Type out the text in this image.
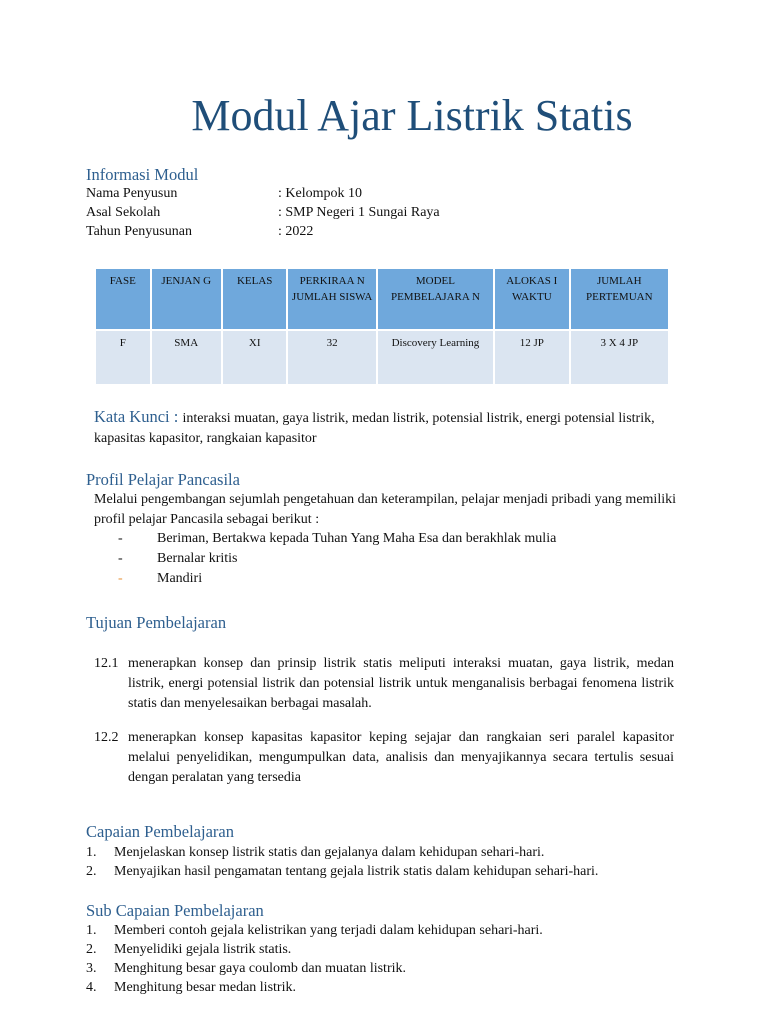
Modul Ajar Listrik Statis
Informasi Modul
Nama Penyusun	: Kelompok 10
Asal Sekolah	: SMP Negeri 1 Sungai Raya
Tahun Penyusunan	: 2022
FASE	JENJAN G	KELAS	PERKIRAA N JUMLAH SISWA	MODEL PEMBELAJARA N	ALOKAS I WAKTU	JUMLAH PERTEMUAN
F	SMA	XI	32	Discovery Learning	12 JP	3 X 4 JP
Kata Kunci : interaksi muatan, gaya listrik, medan listrik, potensial listrik, energi potensial listrik, kapasitas kapasitor, rangkaian kapasitor
Profil Pelajar Pancasila
Melalui pengembangan sejumlah pengetahuan dan keterampilan, pelajar menjadi pribadi yang memiliki profil pelajar Pancasila sebagai berikut :
- Beriman, Bertakwa kepada Tuhan Yang Maha Esa dan berakhlak mulia
- Bernalar kritis
- Mandiri
Tujuan Pembelajaran
12.1 menerapkan konsep dan prinsip listrik statis meliputi interaksi muatan, gaya listrik, medan listrik, energi potensial listrik dan potensial listrik untuk menganalisis berbagai fenomena listrik statis dan menyelesaikan berbagai masalah.
12.2 menerapkan konsep kapasitas kapasitor keping sejajar dan rangkaian seri paralel kapasitor melalui penyelidikan, mengumpulkan data, analisis dan menyajikannya secara tertulis sesuai dengan peralatan yang tersedia
Capaian Pembelajaran
1. Menjelaskan konsep listrik statis dan gejalanya dalam kehidupan sehari-hari.
2. Menyajikan hasil pengamatan tentang gejala listrik statis dalam kehidupan sehari-hari.
Sub Capaian Pembelajaran
1. Memberi contoh gejala kelistrikan yang terjadi dalam kehidupan sehari-hari.
2. Menyelidiki gejala listrik statis.
3. Menghitung besar gaya coulomb dan muatan listrik.
4. Menghitung besar medan listrik.
